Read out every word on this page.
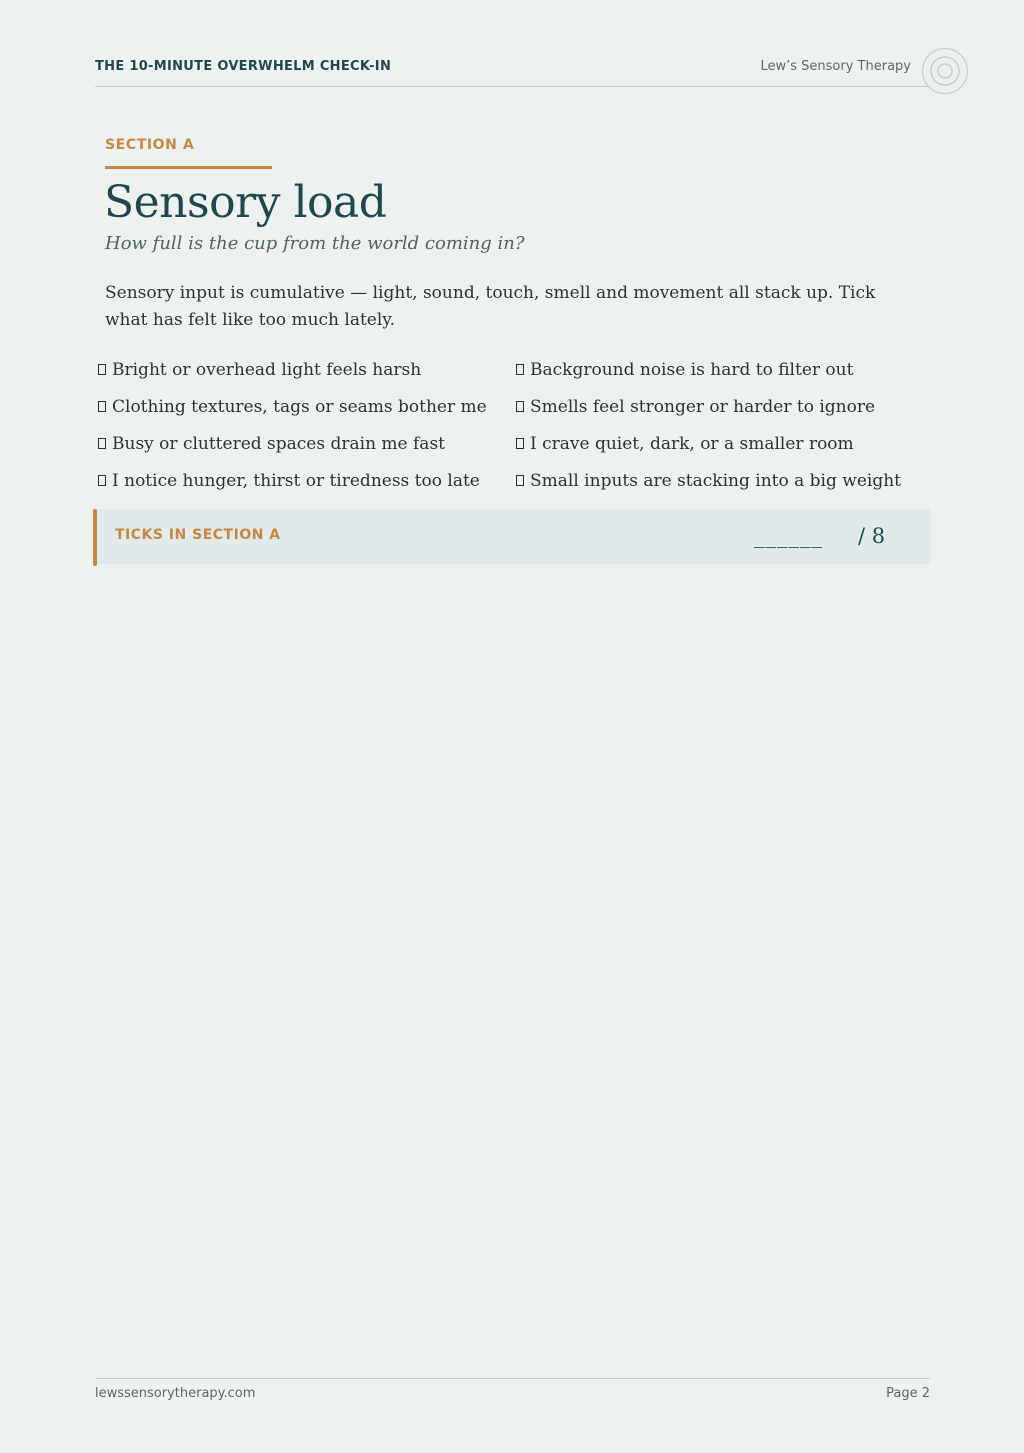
THE 10-MINUTE OVERWHELM CHECK-IN	Lew’s Sensory Therapy
SECTION A
Sensory load
How full is the cup from the world coming in?
Sensory input is cumulative — light, sound, touch, smell and movement all stack up. Tick what has felt like too much lately.
Bright or overhead light feels harsh	Background noise is hard to filter out
Clothing textures, tags or seams bother me	Smells feel stronger or harder to ignore
Busy or cluttered spaces drain me fast	I crave quiet, dark, or a smaller room
I notice hunger, thirst or tiredness too late	Small inputs are stacking into a big weight
TICKS IN SECTION A	______ / 8
lewssensorytherapy.com	Page 2
